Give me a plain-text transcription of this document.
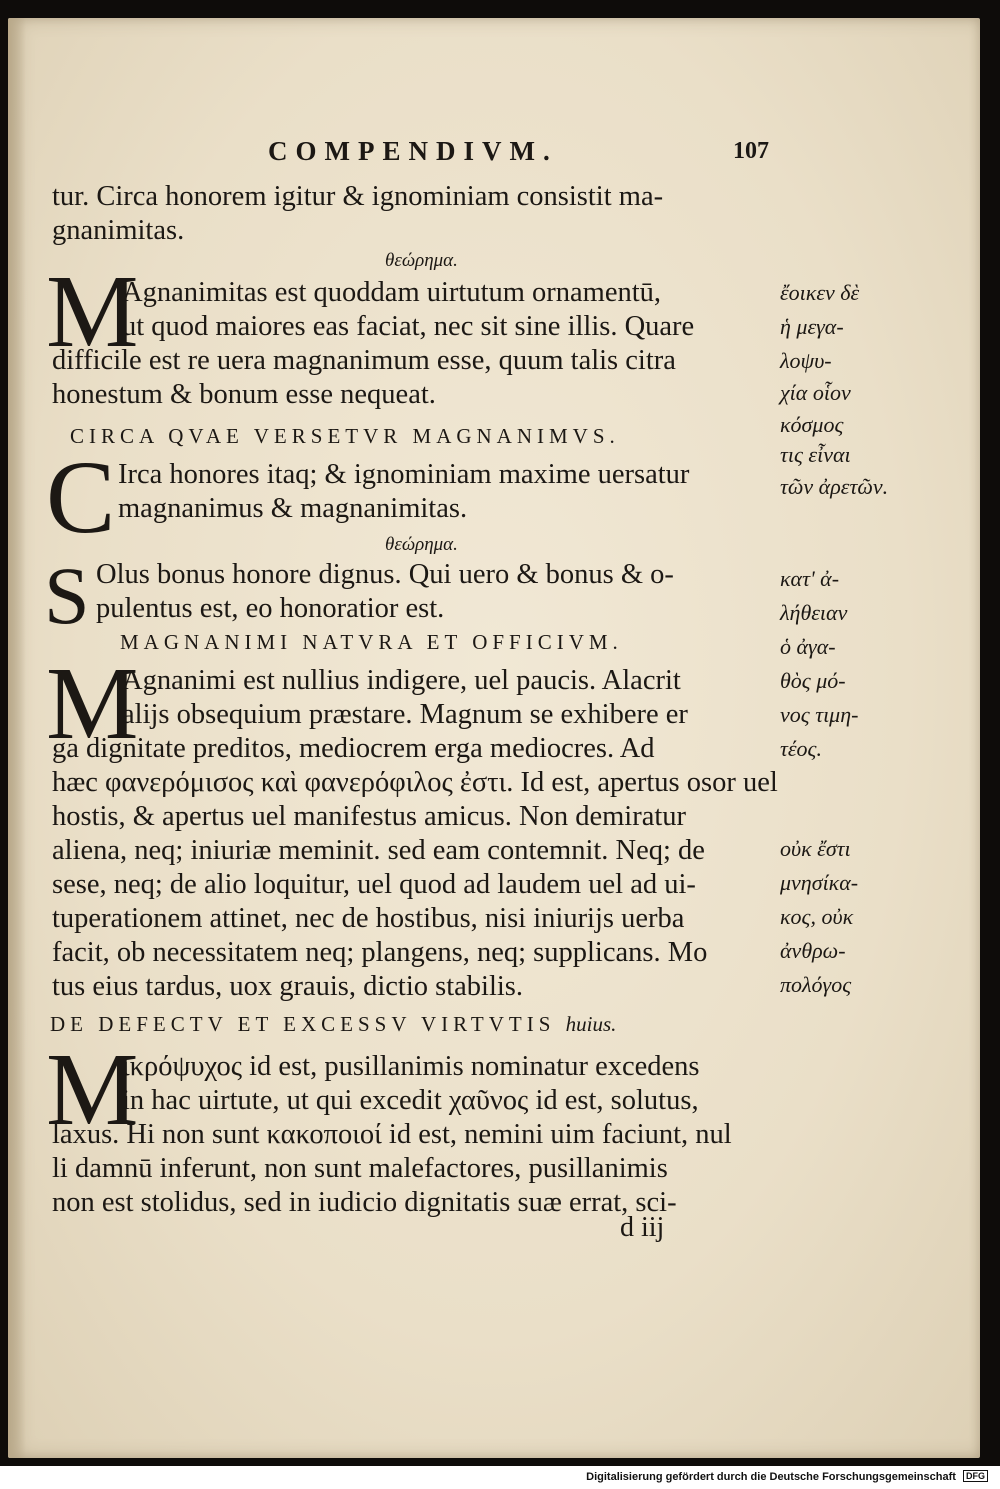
COMPENDIVM.	107
tur. Circa honorem igitur & ignominiam consistit ma-
gnanimitas.
θεώρημα.
M
Agnanimitas est quoddam uirtutum ornamentū,
ut quod maiores eas faciat, nec sit sine illis. Quare
difficile est re uera magnanimum esse, quum talis citra
honestum & bonum esse nequeat.
CIRCA QVAE VERSETVR MAGNANIMVS.
C Irca honores itaq; & ignominiam maxime uersatur
magnanimus & magnanimitas.
θεώρημα.
S Olus bonus honore dignus. Qui uero & bonus & o-
pulentus est, eo honoratior est.
MAGNANIMI NATVRA ET OFFICIVM.
M
Agnanimi est nullius indigere, uel paucis. Alacrit
alijs obsequium præstare. Magnum se exhibere er
ga dignitate preditos, mediocrem erga mediocres. Ad
hæc φανερόμισος καὶ φανερόφιλος ἐστι. Id est, apertus osor uel
hostis, & apertus uel manifestus amicus. Non demiratur
aliena, neq; iniuriæ meminit. sed eam contemnit. Neq; de
sese, neq; de alio loquitur, uel quod ad laudem uel ad ui-
tuperationem attinet, nec de hostibus, nisi iniurijs uerba
facit, ob necessitatem neq; plangens, neq; supplicans. Mo
tus eius tardus, uox grauis, dictio stabilis.
DE DEFECTV ET EXCESSV VIRTVTIS huius.
M
ικρόψυχος id est, pusillanimis nominatur excedens
in hac uirtute, ut qui excedit χαῦνος id est, solutus,
laxus. Hi non sunt κακοποιοί id est, nemini uim faciunt, nul
li damnū inferunt, non sunt malefactores, pusillanimis
non est stolidus, sed in iudicio dignitatis suæ errat, sci-
d iij
ἔοικεν δὲ
ἡ μεγα-
λοψυ-
χία οἷον
κόσμος
τις εἶναι
τῶν ἀρετῶν.
κατ' ἀ-
λήθειαν
ὁ ἀγα-
θὸς μό-
νος τιμη-
τέος.
οὐκ ἔστι
μνησίκα-
κος, οὐκ
ἀνθρω-
πολόγος
Digitalisierung gefördert durch die Deutsche Forschungsgemeinschaft DFG
